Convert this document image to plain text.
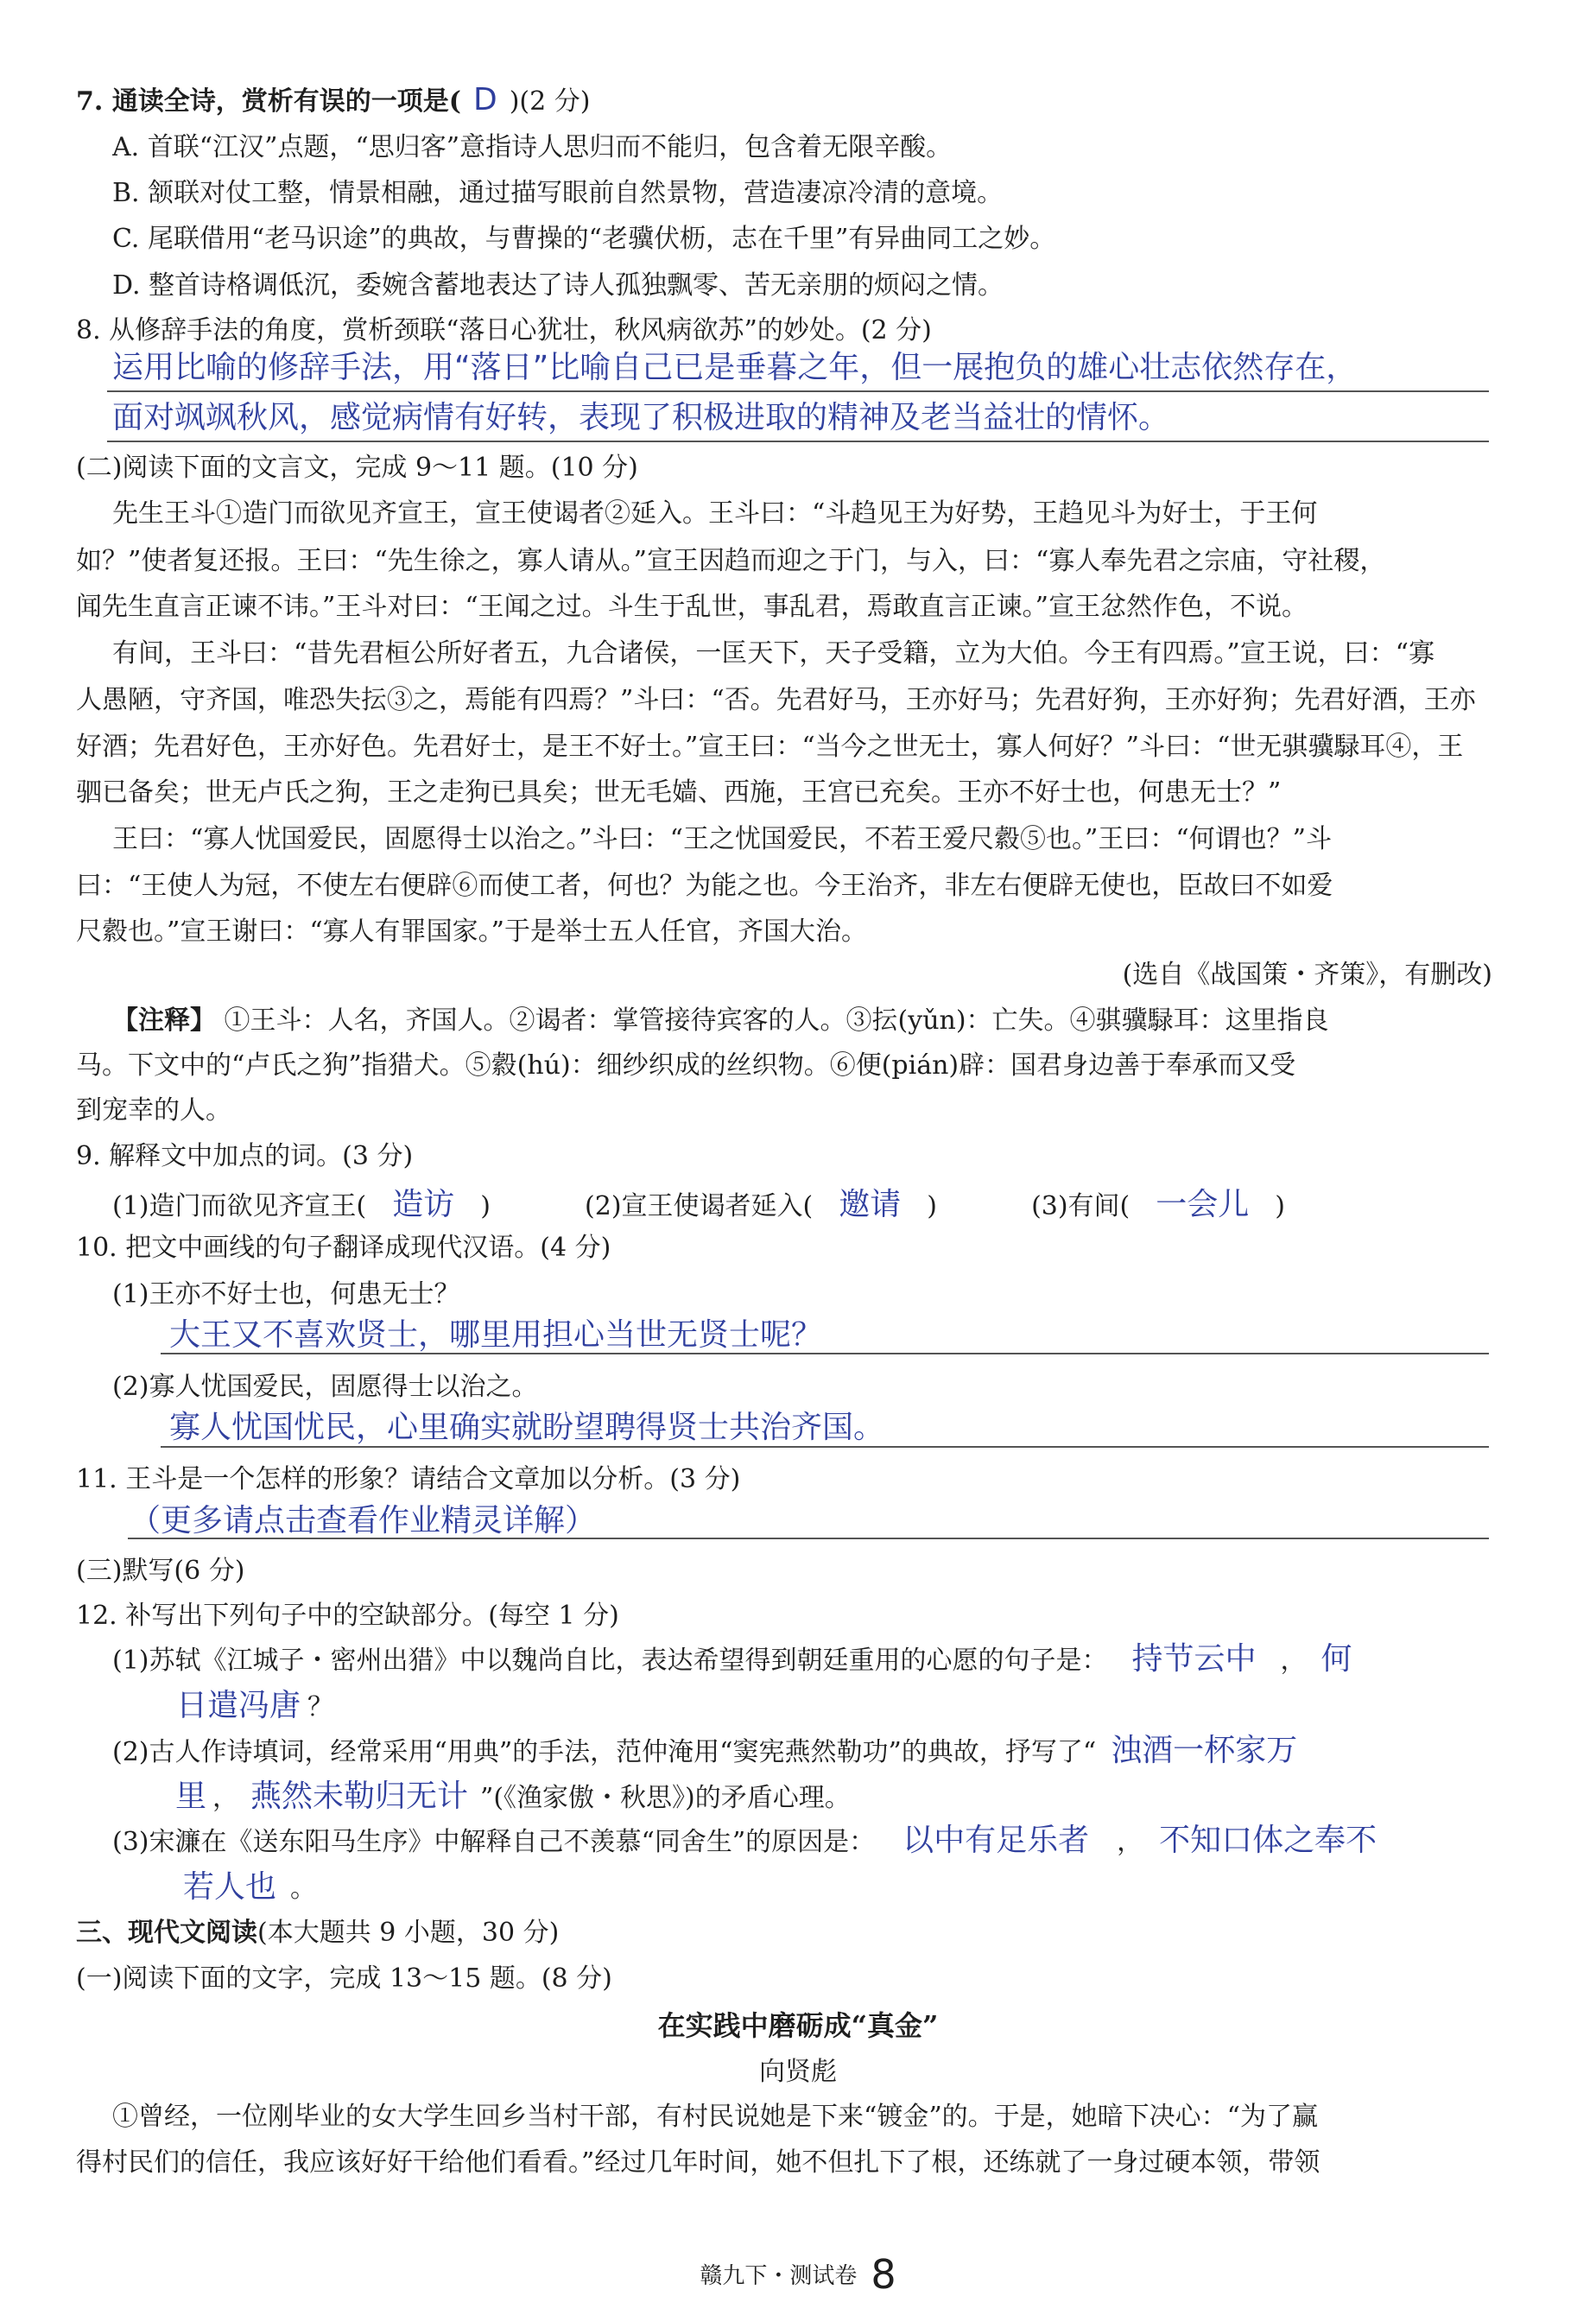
7. 通读全诗，赏析有误的一项是( D )(2 分)
A. 首联“江汉”点题，“思归客”意指诗人思归而不能归，包含着无限辛酸。
B. 颔联对仗工整，情景相融，通过描写眼前自然景物，营造凄凉冷清的意境。
C. 尾联借用“老马识途”的典故，与曹操的“老骥伏枥，志在千里”有异曲同工之妙。
D. 整首诗格调低沉，委婉含蓄地表达了诗人孤独飘零、苦无亲朋的烦闷之情。
8. 从修辞手法的角度，赏析颈联“落日心犹壮，秋风病欲苏”的妙处。(2 分)
运用比喻的修辞手法，用“落日”比喻自己已是垂暮之年，但一展抱负的雄心壮志依然存在，
面对飒飒秋风，感觉病情有好转，表现了积极进取的精神及老当益壮的情怀。
(二)阅读下面的文言文，完成 9～11 题。(10 分)
先生王斗①造门而欲见齐宣王，宣王使谒者②延入。王斗曰：“斗趋见王为好势，王趋见斗为好士，于王何
如？”使者复还报。王曰：“先生徐之，寡人请从。”宣王因趋而迎之于门，与入，曰：“寡人奉先君之宗庙，守社稷，
闻先生直言正谏不讳。”王斗对曰：“王闻之过。斗生于乱世，事乱君，焉敢直言正谏。”宣王忿然作色，不说。
有间，王斗曰：“昔先君桓公所好者五，九合诸侯，一匡天下，天子受籍，立为大伯。今王有四焉。”宣王说，曰：“寡
人愚陋，守齐国，唯恐失抎③之，焉能有四焉？”斗曰：“否。先君好马，王亦好马；先君好狗，王亦好狗；先君好酒，王亦
好酒；先君好色，王亦好色。先君好士，是王不好士。”宣王曰：“当今之世无士，寡人何好？”斗曰：“世无骐骥騄耳④，王
驷已备矣；世无卢氏之狗，王之走狗已具矣；世无毛嫱、西施，王宫已充矣。王亦不好士也，何患无士？”
王曰：“寡人忧国爱民，固愿得士以治之。”斗曰：“王之忧国爱民，不若王爱尺縠⑤也。”王曰：“何谓也？”斗
曰：“王使人为冠，不使左右便辟⑥而使工者，何也？为能之也。今王治齐，非左右便辟无使也，臣故曰不如爱
尺縠也。”宣王谢曰：“寡人有罪国家。”于是举士五人任官，齐国大治。
(选自《战国策・齐策》，有删改)
【注释】 ①王斗：人名，齐国人。②谒者：掌管接待宾客的人。③抎(yǔn)：亡失。④骐骥騄耳：这里指良
马。下文中的“卢氏之狗”指猎犬。⑤縠(hú)：细纱织成的丝织物。⑥便(pián)辟：国君身边善于奉承而又受
到宠幸的人。
9. 解释文中加点的词。(3 分)
(1)造门而欲见齐宣王( 造访 )	(2)宣王使谒者延入( 邀请 )	(3)有间( 一会儿 )
10. 把文中画线的句子翻译成现代汉语。(4 分)
(1)王亦不好士也，何患无士？
大王又不喜欢贤士，哪里用担心当世无贤士呢？
(2)寡人忧国爱民，固愿得士以治之。
寡人忧国忧民，心里确实就盼望聘得贤士共治齐国。
11. 王斗是一个怎样的形象？请结合文章加以分析。(3 分)
（更多请点击查看作业精灵详解）
(三)默写(6 分)
12. 补写出下列句子中的空缺部分。(每空 1 分)
(1)苏轼《江城子・密州出猎》中以魏尚自比，表达希望得到朝廷重用的心愿的句子是： 持节云中 ， 何
日遣冯唐 ？
(2)古人作诗填词，经常采用“用典”的手法，范仲淹用“窦宪燕然勒功”的典故，抒写了“ 浊酒一杯家万
里 ， 燕然未勒归无计 ”(《渔家傲・秋思》)的矛盾心理。
(3)宋濂在《送东阳马生序》中解释自己不羡慕“同舍生”的原因是： 以中有足乐者 ， 不知口体之奉不
若人也 。
三、现代文阅读(本大题共 9 小题，30 分)
(一)阅读下面的文字，完成 13～15 题。(8 分)
在实践中磨砺成“真金”
向贤彪
①曾经，一位刚毕业的女大学生回乡当村干部，有村民说她是下来“镀金”的。于是，她暗下决心：“为了赢
得村民们的信任，我应该好好干给他们看看。”经过几年时间，她不但扎下了根，还练就了一身过硬本领，带领
赣九下・测试卷 8
